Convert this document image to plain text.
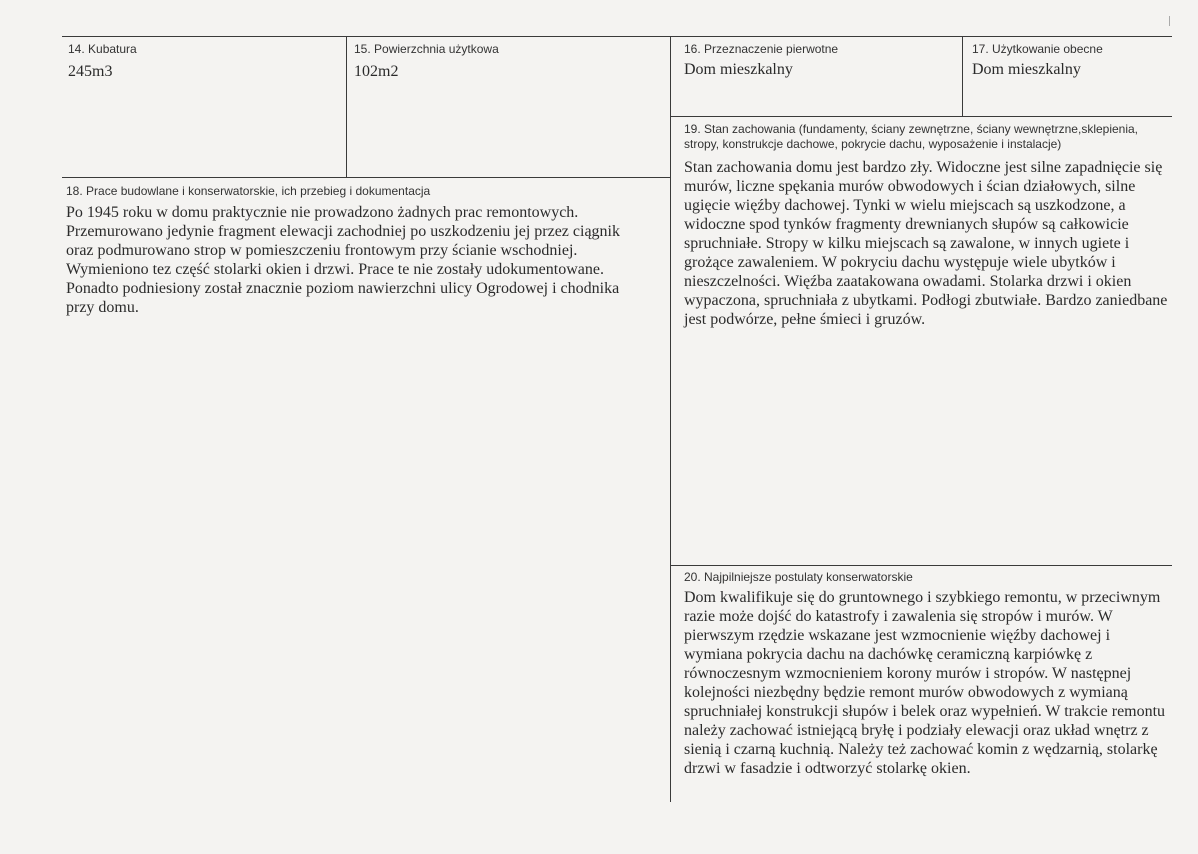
14. Kubatura
245m3
15. Powierzchnia użytkowa
102m2
16. Przeznaczenie pierwotne
Dom mieszkalny
17. Użytkowanie obecne
Dom mieszkalny
18. Prace budowlane i konserwatorskie, ich przebieg i dokumentacja
Po 1945 roku w domu praktycznie nie prowadzono żadnych prac remontowych. Przemurowano jedynie fragment elewacji zachodniej po uszkodzeniu jej przez ciągnik oraz podmurowano strop w pomieszczeniu frontowym przy ścianie wschodniej. Wymieniono tez część stolarki okien i drzwi. Prace te nie zostały udokumentowane. Ponadto podniesiony został znacznie poziom nawierzchni ulicy Ogrodowej i chodnika przy domu.
19. Stan zachowania (fundamenty, ściany zewnętrzne, ściany wewnętrzne,sklepienia, stropy, konstrukcje dachowe, pokrycie dachu, wyposażenie i instalacje)
Stan zachowania domu jest bardzo zły. Widoczne jest silne zapadnięcie się murów, liczne spękania murów obwodowych i ścian działowych, silne ugięcie więźby dachowej. Tynki w wielu miejscach są uszkodzone, a widoczne spod tynków fragmenty drewnianych słupów są całkowicie spruchniałe. Stropy w kilku miejscach są zawalone, w innych ugiete i grożące zawaleniem. W pokryciu dachu występuje wiele ubytków i nieszczelności. Więźba zaatakowana owadami. Stolarka drzwi i okien wypaczona, spruchniała z ubytkami. Podłogi zbutwiałe. Bardzo zaniedbane jest podwórze, pełne śmieci i gruzów.
20. Najpilniejsze postulaty konserwatorskie
Dom kwalifikuje się do gruntownego i szybkiego remontu, w przeciwnym razie może dojść do katastrofy i zawalenia się stropów i murów. W pierwszym rzędzie wskazane jest wzmocnienie więźby dachowej i wymiana pokrycia dachu na dachówkę ceramiczną karpiówkę z równoczesnym wzmocnieniem korony murów i stropów. W następnej kolejności niezbędny będzie remont murów obwodowych z wymianą spruchniałej konstrukcji słupów i belek oraz wypełnień. W trakcie remontu należy zachować istniejącą bryłę i podziały elewacji oraz układ wnętrz z sienią i czarną kuchnią. Należy też zachować komin z wędzarnią, stolarkę drzwi w fasadzie i odtworzyć stolarkę okien.
